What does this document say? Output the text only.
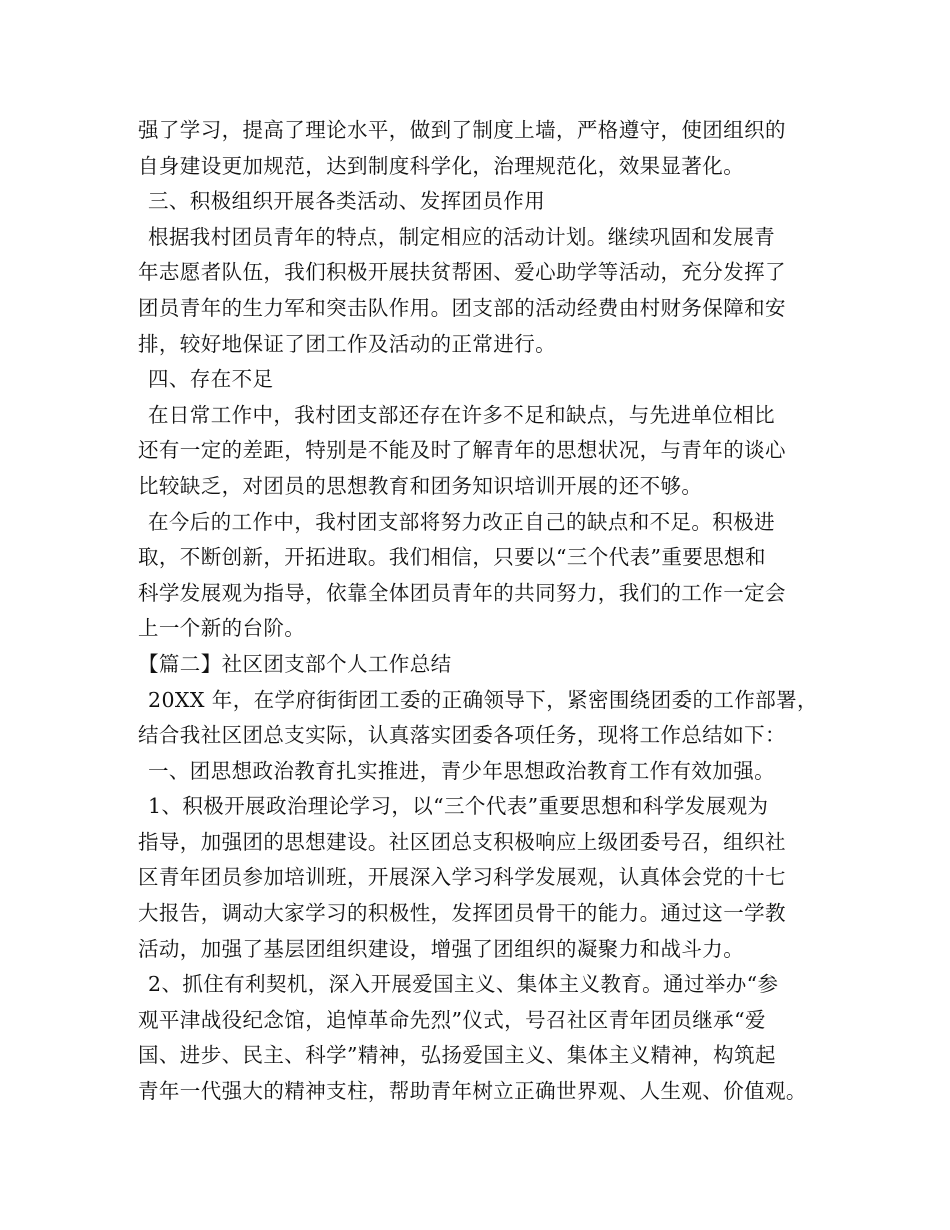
强了学习，提高了理论水平，做到了制度上墙，严格遵守，使团组织的
自身建设更加规范，达到制度科学化，治理规范化，效果显著化。
三、积极组织开展各类活动、发挥团员作用
根据我村团员青年的特点，制定相应的活动计划。继续巩固和发展青
年志愿者队伍，我们积极开展扶贫帮困、爱心助学等活动，充分发挥了
团员青年的生力军和突击队作用。团支部的活动经费由村财务保障和安
排，较好地保证了团工作及活动的正常进行。
四、存在不足
在日常工作中，我村团支部还存在许多不足和缺点，与先进单位相比
还有一定的差距，特别是不能及时了解青年的思想状况，与青年的谈心
比较缺乏，对团员的思想教育和团务知识培训开展的还不够。
在今后的工作中，我村团支部将努力改正自己的缺点和不足。积极进
取，不断创新，开拓进取。我们相信，只要以“三个代表”重要思想和
科学发展观为指导，依靠全体团员青年的共同努力，我们的工作一定会
上一个新的台阶。
【篇二】社区团支部个人工作总结
20XX 年，在学府街街团工委的正确领导下，紧密围绕团委的工作部署，
结合我社区团总支实际，认真落实团委各项任务，现将工作总结如下：
一、团思想政治教育扎实推进，青少年思想政治教育工作有效加强。
1、积极开展政治理论学习，以“三个代表”重要思想和科学发展观为
指导，加强团的思想建设。社区团总支积极响应上级团委号召，组织社
区青年团员参加培训班，开展深入学习科学发展观，认真体会党的十七
大报告，调动大家学习的积极性，发挥团员骨干的能力。通过这一学教
活动，加强了基层团组织建设，增强了团组织的凝聚力和战斗力。
2、抓住有利契机，深入开展爱国主义、集体主义教育。通过举办“参
观平津战役纪念馆，追悼革命先烈”仪式，号召社区青年团员继承“爱
国、进步、民主、科学”精神，弘扬爱国主义、集体主义精神，构筑起
青年一代强大的精神支柱，帮助青年树立正确世界观、人生观、价值观。
